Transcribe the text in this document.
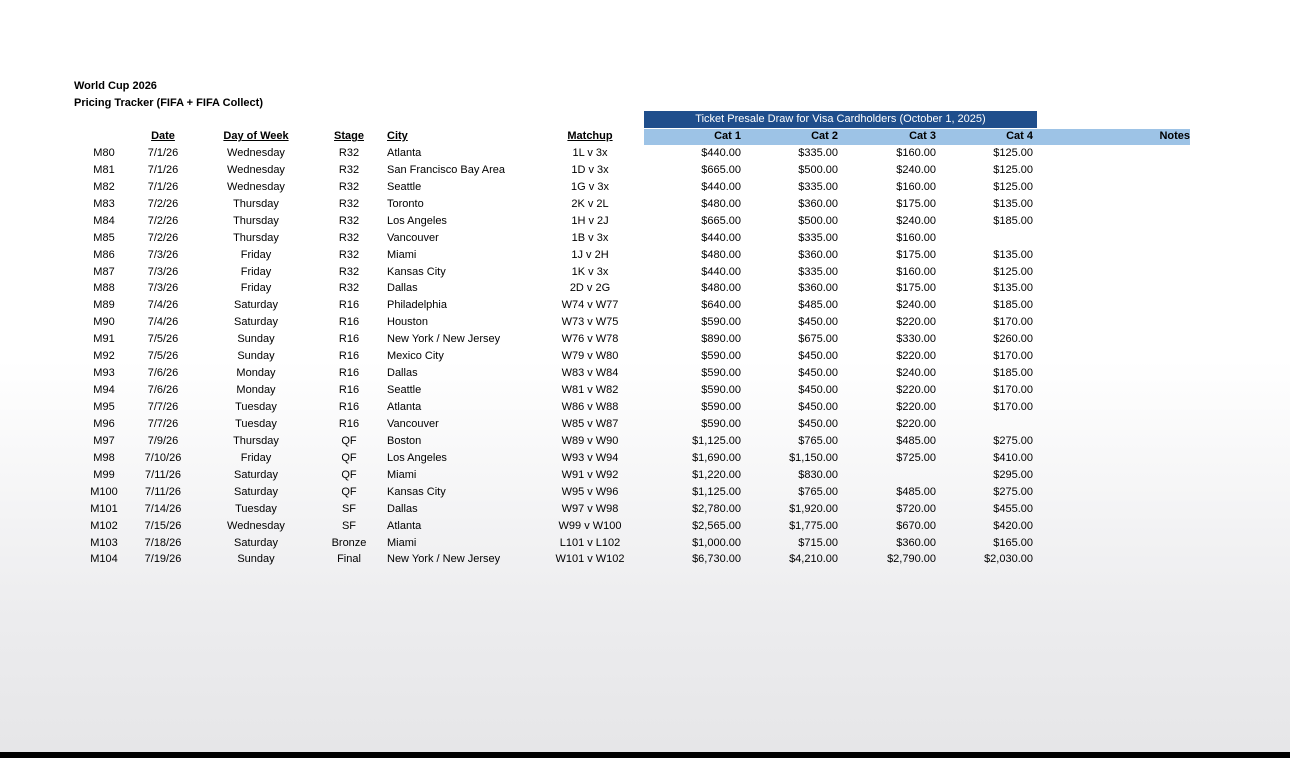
World Cup 2026
Pricing Tracker (FIFA + FIFA Collect)
Ticket Presale Draw for Visa Cardholders (October 1, 2025)
	Date	Day of Week	Stage	City	Matchup	Cat 1	Cat 2	Cat 3	Cat 4	Notes
M80	7/1/26	Wednesday	R32	Atlanta	1L v 3x	$440.00	$335.00	$160.00	$125.00	
M81	7/1/26	Wednesday	R32	San Francisco Bay Area	1D v 3x	$665.00	$500.00	$240.00	$125.00	
M82	7/1/26	Wednesday	R32	Seattle	1G v 3x	$440.00	$335.00	$160.00	$125.00	
M83	7/2/26	Thursday	R32	Toronto	2K v 2L	$480.00	$360.00	$175.00	$135.00	
M84	7/2/26	Thursday	R32	Los Angeles	1H v 2J	$665.00	$500.00	$240.00	$185.00	
M85	7/2/26	Thursday	R32	Vancouver	1B v 3x	$440.00	$335.00	$160.00		
M86	7/3/26	Friday	R32	Miami	1J v 2H	$480.00	$360.00	$175.00	$135.00	
M87	7/3/26	Friday	R32	Kansas City	1K v 3x	$440.00	$335.00	$160.00	$125.00	
M88	7/3/26	Friday	R32	Dallas	2D v 2G	$480.00	$360.00	$175.00	$135.00	
M89	7/4/26	Saturday	R16	Philadelphia	W74 v W77	$640.00	$485.00	$240.00	$185.00	
M90	7/4/26	Saturday	R16	Houston	W73 v W75	$590.00	$450.00	$220.00	$170.00	
M91	7/5/26	Sunday	R16	New York / New Jersey	W76 v W78	$890.00	$675.00	$330.00	$260.00	
M92	7/5/26	Sunday	R16	Mexico City	W79 v W80	$590.00	$450.00	$220.00	$170.00	
M93	7/6/26	Monday	R16	Dallas	W83 v W84	$590.00	$450.00	$240.00	$185.00	
M94	7/6/26	Monday	R16	Seattle	W81 v W82	$590.00	$450.00	$220.00	$170.00	
M95	7/7/26	Tuesday	R16	Atlanta	W86 v W88	$590.00	$450.00	$220.00	$170.00	
M96	7/7/26	Tuesday	R16	Vancouver	W85 v W87	$590.00	$450.00	$220.00		
M97	7/9/26	Thursday	QF	Boston	W89 v W90	$1,125.00	$765.00	$485.00	$275.00	
M98	7/10/26	Friday	QF	Los Angeles	W93 v W94	$1,690.00	$1,150.00	$725.00	$410.00	
M99	7/11/26	Saturday	QF	Miami	W91 v W92	$1,220.00	$830.00		$295.00	
M100	7/11/26	Saturday	QF	Kansas City	W95 v W96	$1,125.00	$765.00	$485.00	$275.00	
M101	7/14/26	Tuesday	SF	Dallas	W97 v W98	$2,780.00	$1,920.00	$720.00	$455.00	
M102	7/15/26	Wednesday	SF	Atlanta	W99 v W100	$2,565.00	$1,775.00	$670.00	$420.00	
M103	7/18/26	Saturday	Bronze	Miami	L101 v L102	$1,000.00	$715.00	$360.00	$165.00	
M104	7/19/26	Sunday	Final	New York / New Jersey	W101 v W102	$6,730.00	$4,210.00	$2,790.00	$2,030.00	
